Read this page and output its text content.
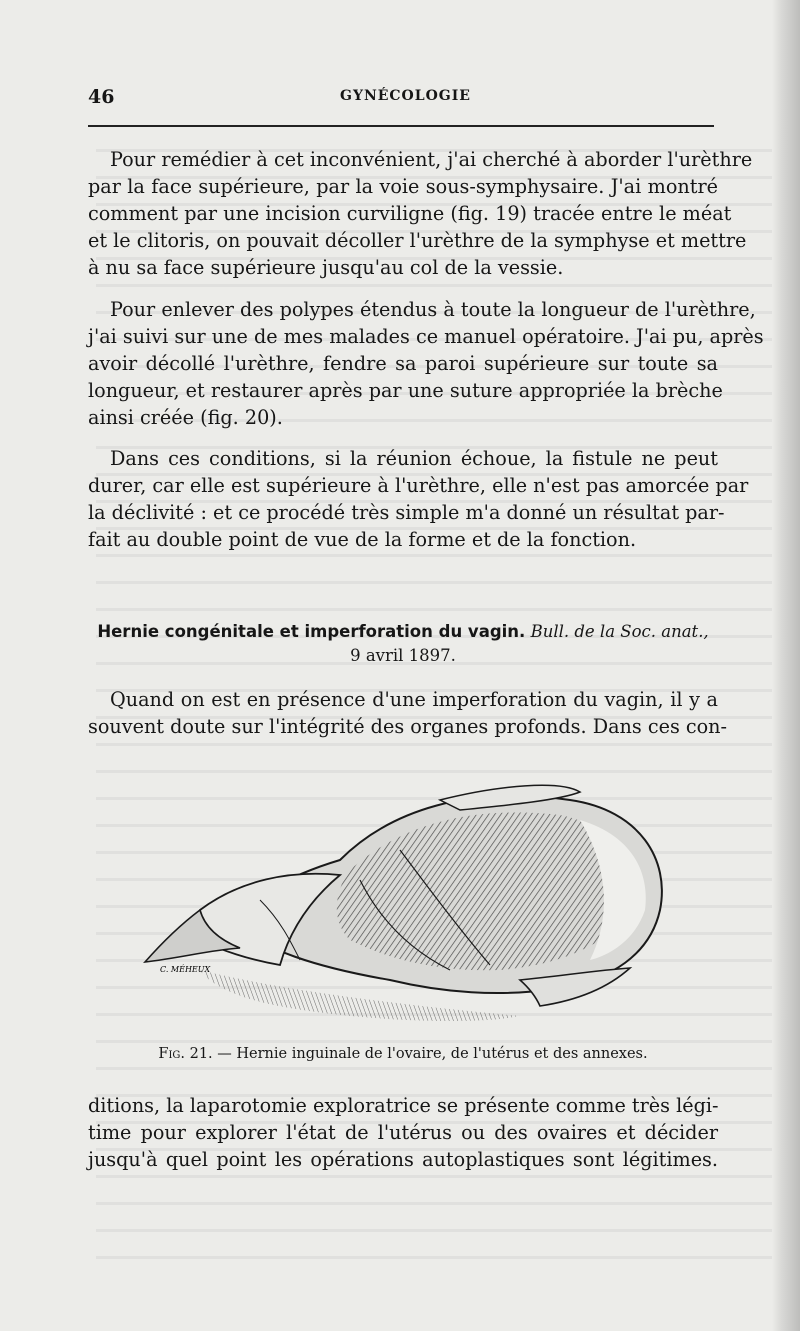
46	GYNÉCOLOGIE
Pour remédier à cet inconvénient, j'ai cherché à aborder l'urèthre
par la face supérieure, par la voie sous-symphysaire. J'ai montré
comment par une incision curviligne (fig. 19) tracée entre le méat
et le clitoris, on pouvait décoller l'urèthre de la symphyse et mettre
à nu sa face supérieure jusqu'au col de la vessie.
Pour enlever des polypes étendus à toute la longueur de l'urèthre,
j'ai suivi sur une de mes malades ce manuel opératoire. J'ai pu, après
avoir décollé l'urèthre, fendre sa paroi supérieure sur toute sa
longueur, et restaurer après par une suture appropriée la brèche
ainsi créée (fig. 20).
Dans ces conditions, si la réunion échoue, la fistule ne peut
durer, car elle est supérieure à l'urèthre, elle n'est pas amorcée par
la déclivité : et ce procédé très simple m'a donné un résultat par-
fait au double point de vue de la forme et de la fonction.
Hernie congénitale et imperforation du vagin. Bull. de la Soc. anat.,
9 avril 1897.
Quand on est en présence d'une imperforation du vagin, il y a
souvent doute sur l'intégrité des organes profonds. Dans ces con-
C. MÉHEUX
Fig. 21. — Hernie inguinale de l'ovaire, de l'utérus et des annexes.
ditions, la laparotomie exploratrice se présente comme très légi-
time pour explorer l'état de l'utérus ou des ovaires et décider
jusqu'à quel point les opérations autoplastiques sont légitimes.
